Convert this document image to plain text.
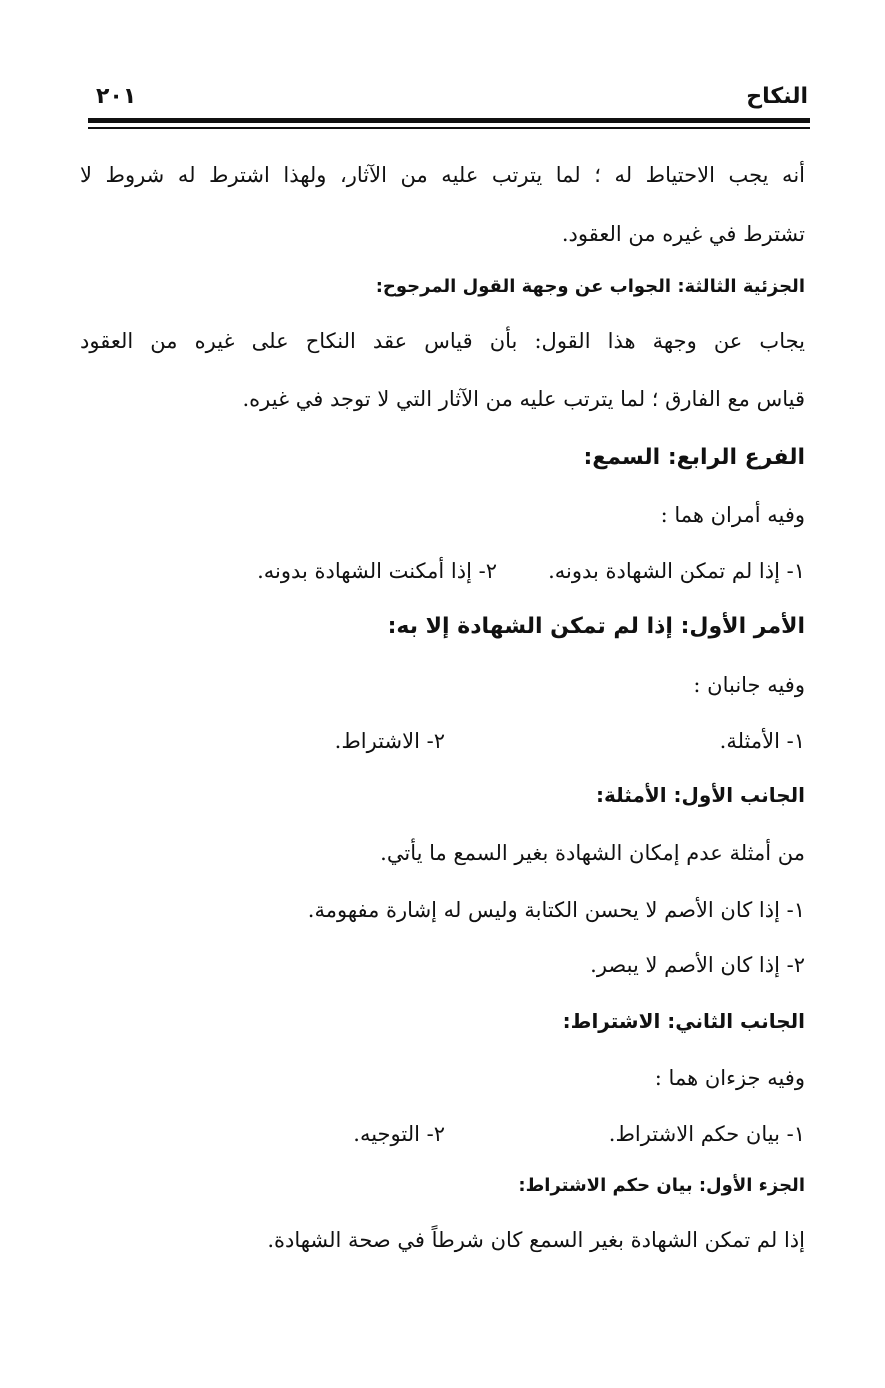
النكاح
٢٠١
أنه يجب الاحتياط له ؛ لما يترتب عليه من الآثار، ولهذا اشترط له شروط لا
تشترط في غيره من العقود.
الجزئية الثالثة: الجواب عن وجهة القول المرجوح:
يجاب عن وجهة هذا القول: بأن قياس عقد النكاح على غيره من العقود
قياس مع الفارق ؛ لما يترتب عليه من الآثار التي لا توجد في غيره.
الفرع الرابع: السمع:
وفيه أمران هما :
١- إذا لم تمكن الشهادة بدونه.
٢- إذا أمكنت الشهادة بدونه.
الأمر الأول: إذا لم تمكن الشهادة إلا به:
وفيه جانبان :
١- الأمثلة.
٢- الاشتراط.
الجانب الأول: الأمثلة:
من أمثلة عدم إمكان الشهادة بغير السمع ما يأتي.
١- إذا كان الأصم لا يحسن الكتابة وليس له إشارة مفهومة.
٢- إذا كان الأصم لا يبصر.
الجانب الثاني: الاشتراط:
وفيه جزءان هما :
١- بيان حكم الاشتراط.
٢- التوجيه.
الجزء الأول: بيان حكم الاشتراط:
إذا لم تمكن الشهادة بغير السمع كان شرطاً في صحة الشهادة.
